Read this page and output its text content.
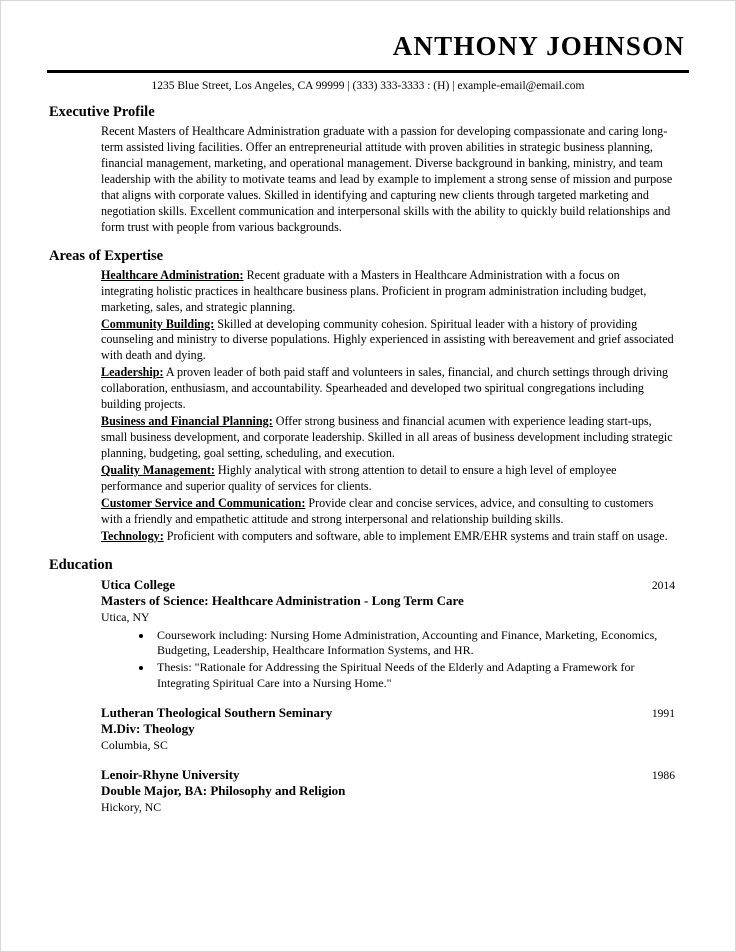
ANTHONY JOHNSON
1235 Blue Street, Los Angeles, CA 99999 | (333) 333-3333 : (H) | example-email@email.com
Executive Profile
Recent Masters of Healthcare Administration graduate with a passion for developing compassionate and caring long-term assisted living facilities. Offer an entrepreneurial attitude with proven abilities in strategic business planning, financial management, marketing, and operational management. Diverse background in banking, ministry, and team leadership with the ability to motivate teams and lead by example to implement a strong sense of mission and purpose that aligns with corporate values. Skilled in identifying and capturing new clients through targeted marketing and negotiation skills. Excellent communication and interpersonal skills with the ability to quickly build relationships and form trust with people from various backgrounds.
Areas of Expertise
Healthcare Administration: Recent graduate with a Masters in Healthcare Administration with a focus on integrating holistic practices in healthcare business plans. Proficient in program administration including budget, marketing, sales, and strategic planning.
Community Building: Skilled at developing community cohesion. Spiritual leader with a history of providing counseling and ministry to diverse populations. Highly experienced in assisting with bereavement and grief associated with death and dying.
Leadership: A proven leader of both paid staff and volunteers in sales, financial, and church settings through driving collaboration, enthusiasm, and accountability. Spearheaded and developed two spiritual congregations including building projects.
Business and Financial Planning: Offer strong business and financial acumen with experience leading start-ups, small business development, and corporate leadership. Skilled in all areas of business development including strategic planning, budgeting, goal setting, scheduling, and execution.
Quality Management: Highly analytical with strong attention to detail to ensure a high level of employee performance and superior quality of services for clients.
Customer Service and Communication: Provide clear and concise services, advice, and consulting to customers with a friendly and empathetic attitude and strong interpersonal and relationship building skills.
Technology: Proficient with computers and software, able to implement EMR/EHR systems and train staff on usage.
Education
Utica College	2014
Masters of Science: Healthcare Administration - Long Term Care
Utica, NY
• Coursework including: Nursing Home Administration, Accounting and Finance, Marketing, Economics, Budgeting, Leadership, Healthcare Information Systems, and HR.
• Thesis: "Rationale for Addressing the Spiritual Needs of the Elderly and Adapting a Framework for Integrating Spiritual Care into a Nursing Home."
Lutheran Theological Southern Seminary	1991
M.Div: Theology
Columbia, SC
Lenoir-Rhyne University	1986
Double Major, BA: Philosophy and Religion
Hickory, NC
